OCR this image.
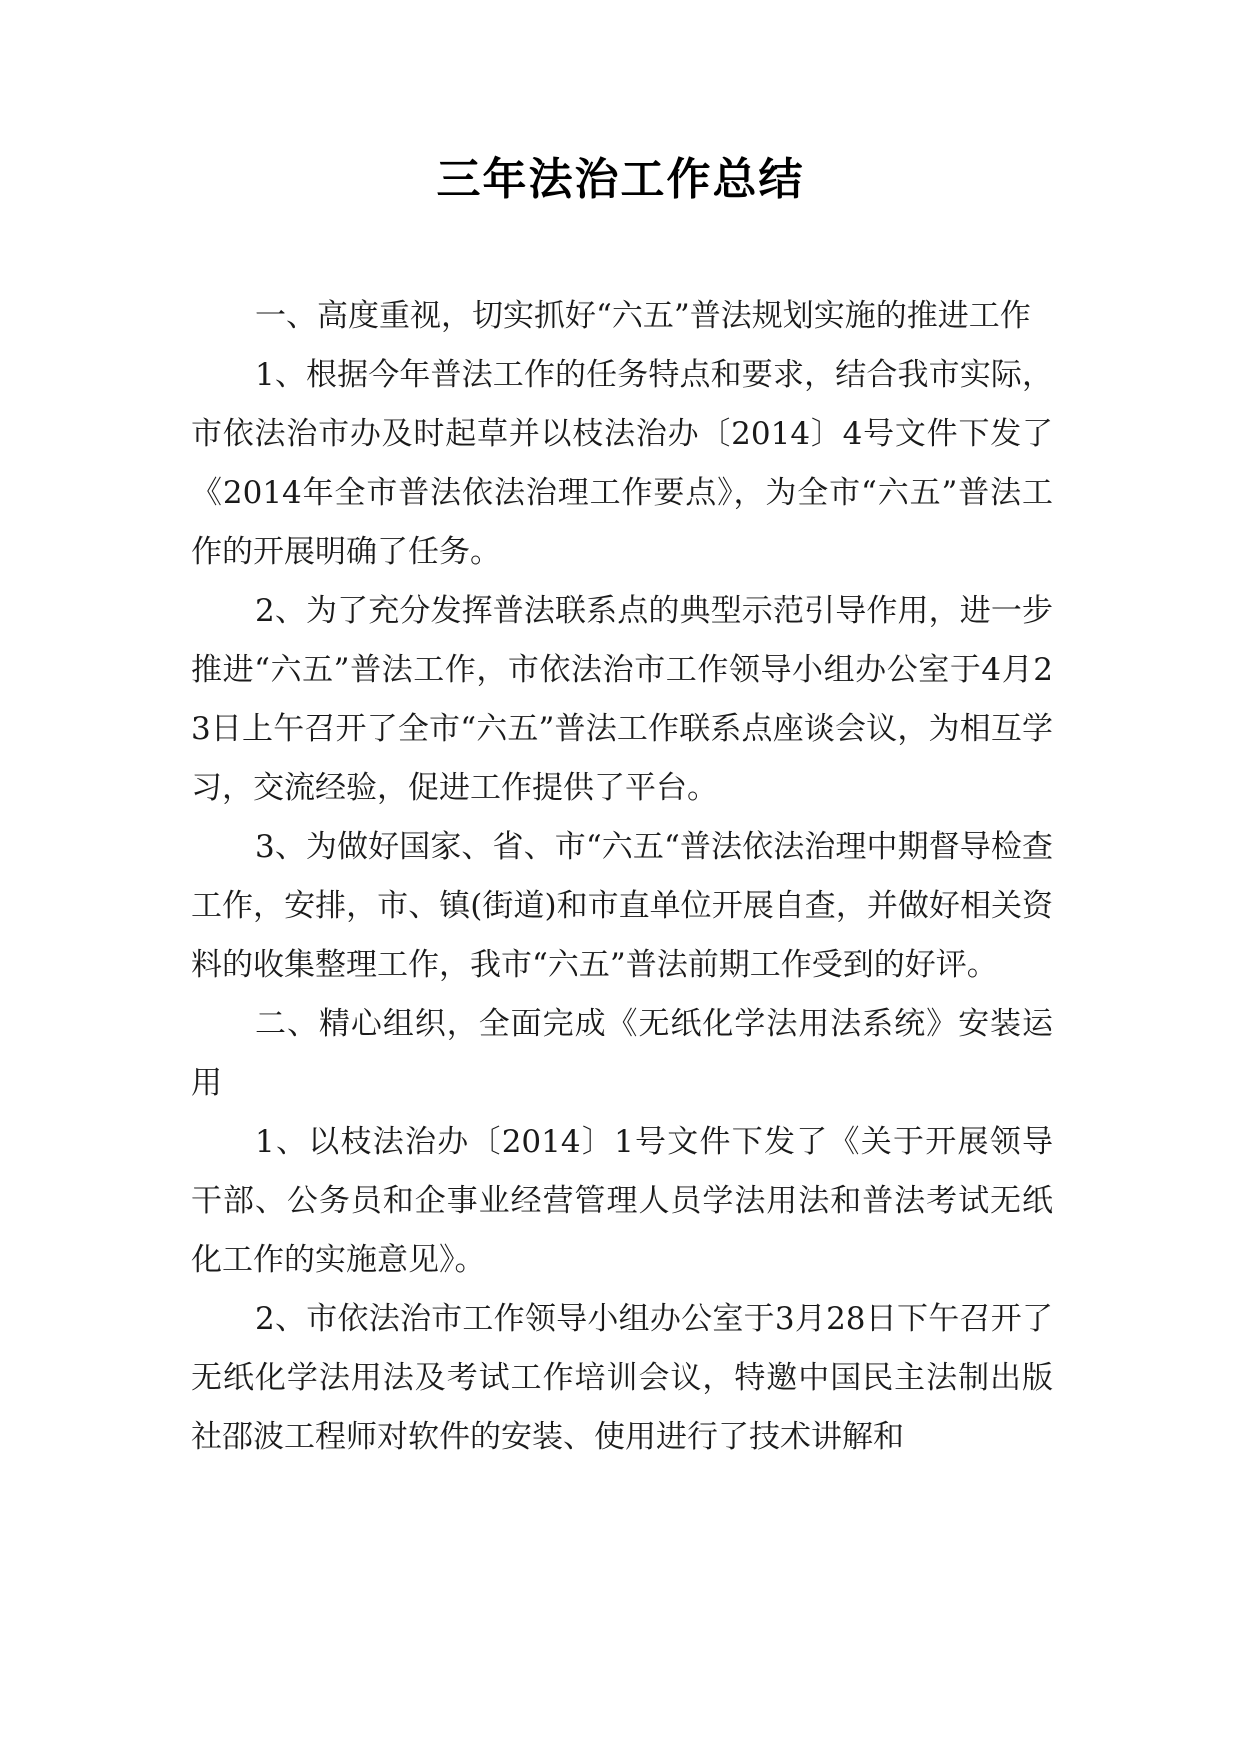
三年法治工作总结

一、高度重视，切实抓好“六五”普法规划实施的推进工作

1、根据今年普法工作的任务特点和要求，结合我市实际，市依法治市办及时起草并以枝法治办〔2014〕4号文件下发了《2014年全市普法依法治理工作要点》，为全市“六五”普法工作的开展明确了任务。

2、为了充分发挥普法联系点的典型示范引导作用，进一步推进“六五”普法工作，市依法治市工作领导小组办公室于4月23日上午召开了全市“六五”普法工作联系点座谈会议，为相互学习，交流经验，促进工作提供了平台。

3、为做好国家、省、市“六五“普法依法治理中期督导检查工作，安排，市、镇(街道)和市直单位开展自查，并做好相关资料的收集整理工作，我市“六五”普法前期工作受到的好评。

二、精心组织，全面完成《无纸化学法用法系统》安装运用

1、以枝法治办〔2014〕1号文件下发了《关于开展领导干部、公务员和企事业经营管理人员学法用法和普法考试无纸化工作的实施意见》。

2、市依法治市工作领导小组办公室于3月28日下午召开了无纸化学法用法及考试工作培训会议，特邀中国民主法制出版社邵波工程师对软件的安装、使用进行了技术讲解和
